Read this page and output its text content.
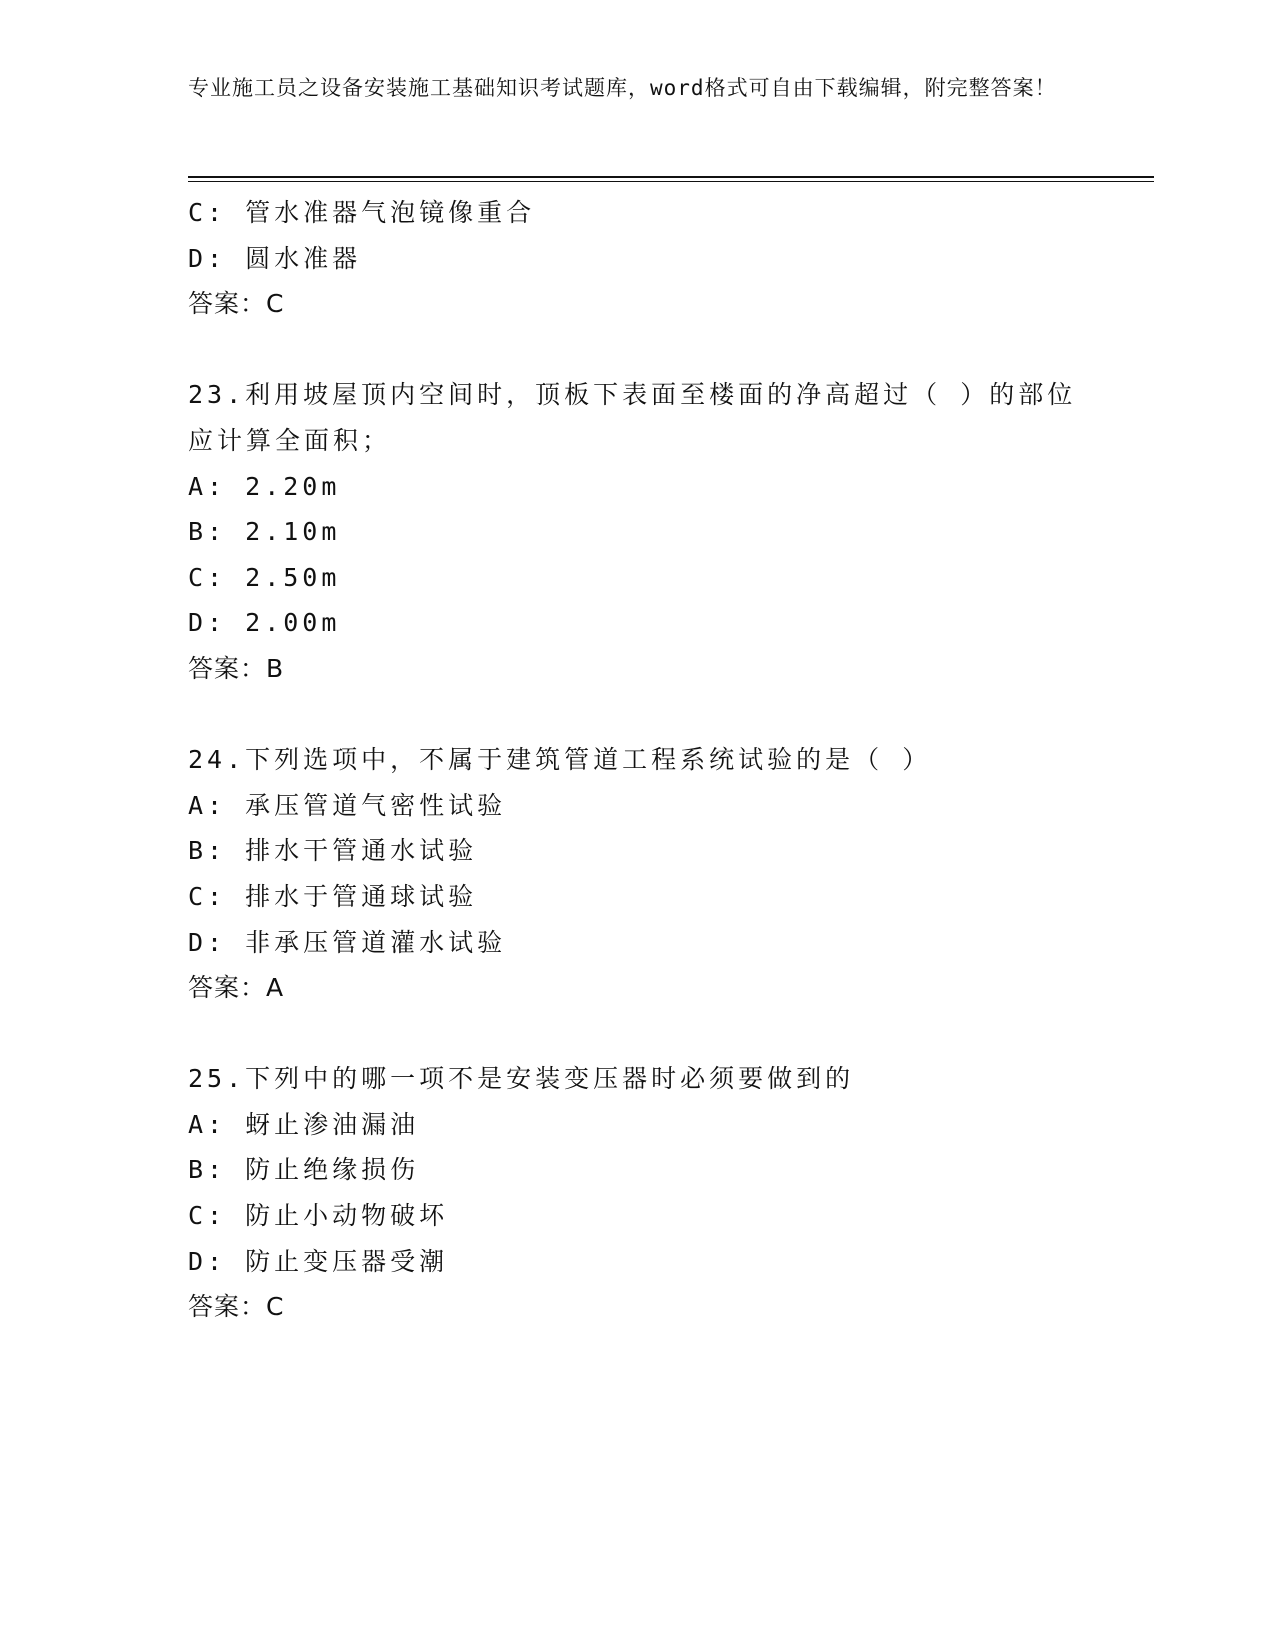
专业施工员之设备安装施工基础知识考试题库，word格式可自由下载编辑，附完整答案！
C: 管水准器气泡镜像重合
D: 圆水准器
答案：C
23.利用坡屋顶内空间时，顶板下表面至楼面的净高超过（ ）的部位
应计算全面积；
A: 2.20m
B: 2.10m
C: 2.50m
D: 2.00m
答案：B
24.下列选项中，不属于建筑管道工程系统试验的是（ ）
A: 承压管道气密性试验
B: 排水干管通水试验
C: 排水于管通球试验
D: 非承压管道灌水试验
答案：A
25.下列中的哪一项不是安装变压器时必须要做到的
A: 蚜止渗油漏油
B: 防止绝缘损伤
C: 防止小动物破坏
D: 防止变压器受潮
答案：C
